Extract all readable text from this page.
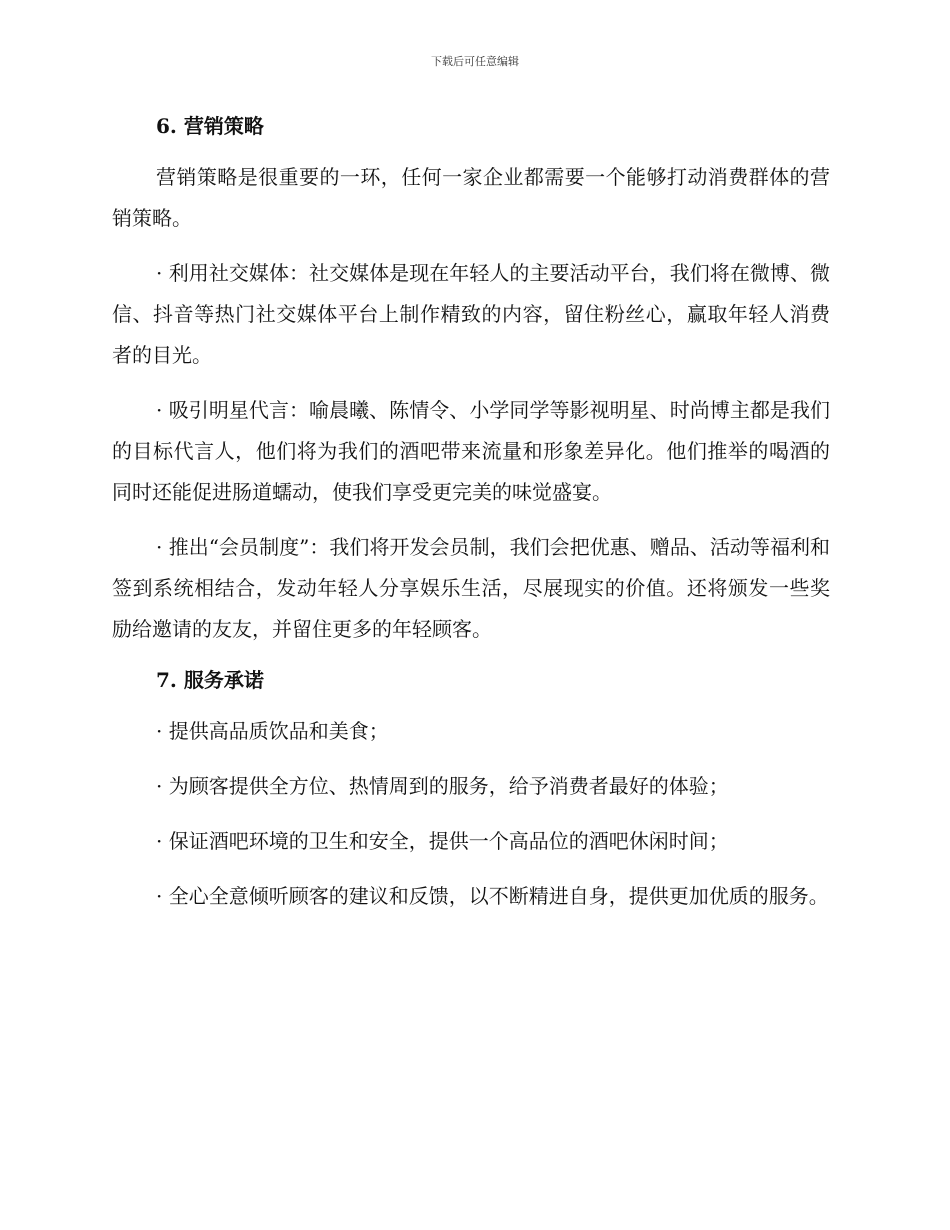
下载后可任意编辑
6. 营销策略

营销策略是很重要的一环，任何一家企业都需要一个能够打动消费群体的营销策略。

· 利用社交媒体：社交媒体是现在年轻人的主要活动平台，我们将在微博、微信、抖音等热门社交媒体平台上制作精致的内容，留住粉丝心，赢取年轻人消费者的目光。

· 吸引明星代言：喻晨曦、陈情令、小学同学等影视明星、时尚博主都是我们的目标代言人，他们将为我们的酒吧带来流量和形象差异化。他们推举的喝酒的同时还能促进肠道蠕动，使我们享受更完美的味觉盛宴。

· 推出“会员制度”：我们将开发会员制，我们会把优惠、赠品、活动等福利和签到系统相结合，发动年轻人分享娱乐生活，尽展现实的价值。还将颁发一些奖励给邀请的友友，并留住更多的年轻顾客。

7. 服务承诺

· 提供高品质饮品和美食；

· 为顾客提供全方位、热情周到的服务，给予消费者最好的体验；

· 保证酒吧环境的卫生和安全，提供一个高品位的酒吧休闲时间；

· 全心全意倾听顾客的建议和反馈，以不断精进自身，提供更加优质的服务。
